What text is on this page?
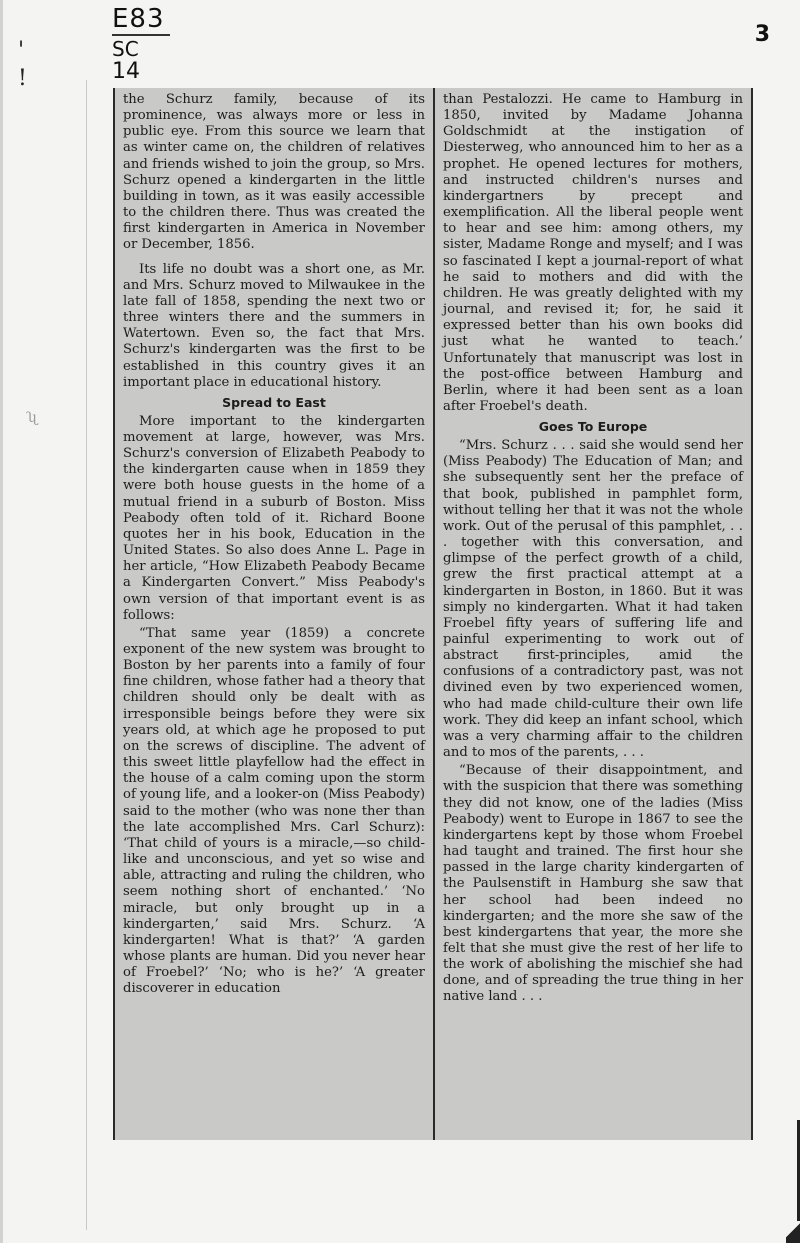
'
!
ʯ
E83
SC
14
3

the Schurz family, because of its prominence, was always more or less in public eye. From this source we learn that as winter came on, the children of relatives and friends wished to join the group, so Mrs. Schurz opened a kindergarten in the little building in town, as it was easily accessible to the children there. Thus was created the first kindergarten in America in November or December, 1856.

Its life no doubt was a short one, as Mr. and Mrs. Schurz moved to Milwaukee in the late fall of 1858, spending the next two or three winters there and the summers in Watertown. Even so, the fact that Mrs. Schurz's kindergarten was the first to be established in this country gives it an important place in educational history.

Spread to East

More important to the kindergarten movement at large, however, was Mrs. Schurz's conversion of Elizabeth Peabody to the kindergarten cause when in 1859 they were both house guests in the home of a mutual friend in a suburb of Boston. Miss Peabody often told of it. Richard Boone quotes her in his book, Education in the United States. So also does Anne L. Page in her article, “How Elizabeth Peabody Became a Kindergarten Convert.” Miss Peabody's own version of that important event is as follows:

“That same year (1859) a concrete exponent of the new system was brought to Boston by her parents into a family of four fine children, whose father had a theory that children should only be dealt with as irresponsible beings before they were six years old, at which age he proposed to put on the screws of discipline. The advent of this sweet little playfellow had the effect in the house of a calm coming upon the storm of young life, and a looker-on (Miss Peabody) said to the mother (who was none ther than the late accomplished Mrs. Carl Schurz): ‘That child of yours is a miracle,—so child-like and unconscious, and yet so wise and able, attracting and ruling the children, who seem nothing short of enchanted.’ ‘No miracle, but only brought up in a kindergarten,’ said Mrs. Schurz. ‘A kindergarten! What is that?’ ‘A garden whose plants are human. Did you never hear of Froebel?’ ‘No; who is he?’ ‘A greater discoverer in education

than Pestalozzi. He came to Hamburg in 1850, invited by Madame Johanna Goldschmidt at the instigation of Diesterweg, who announced him to her as a prophet. He opened lectures for mothers, and instructed children's nurses and kindergartners by precept and exemplification. All the liberal people went to hear and see him: among others, my sister, Madame Ronge and myself; and I was so fascinated I kept a journal-report of what he said to mothers and did with the children. He was greatly delighted with my journal, and revised it; for, he said it expressed better than his own books did just what he wanted to teach.’ Unfortunately that manuscript was lost in the post-office between Hamburg and Berlin, where it had been sent as a loan after Froebel's death.

Goes To Europe

“Mrs. Schurz . . . said she would send her (Miss Peabody) The Education of Man; and she subsequently sent her the preface of that book, published in pamphlet form, without telling her that it was not the whole work. Out of the perusal of this pamphlet, . . . together with this conversation, and glimpse of the perfect growth of a child, grew the first practical attempt at a kindergarten in Boston, in 1860. But it was simply no kindergarten. What it had taken Froebel fifty years of suffering life and painful experimenting to work out of abstract first-principles, amid the confusions of a contradictory past, was not divined even by two experienced women, who had made child-culture their own life work. They did keep an infant school, which was a very charming affair to the children and to mos of the parents, . . .

“Because of their disappointment, and with the suspicion that there was something they did not know, one of the ladies (Miss Peabody) went to Europe in 1867 to see the kindergartens kept by those whom Froebel had taught and trained. The first hour she passed in the large charity kindergarten of the Paulsenstift in Hamburg she saw that her school had been indeed no kindergarten; and the more she saw of the best kindergartens that year, the more she felt that she must give the rest of her life to the work of abolishing the mischief she had done, and of spreading the true thing in her native land . . .
